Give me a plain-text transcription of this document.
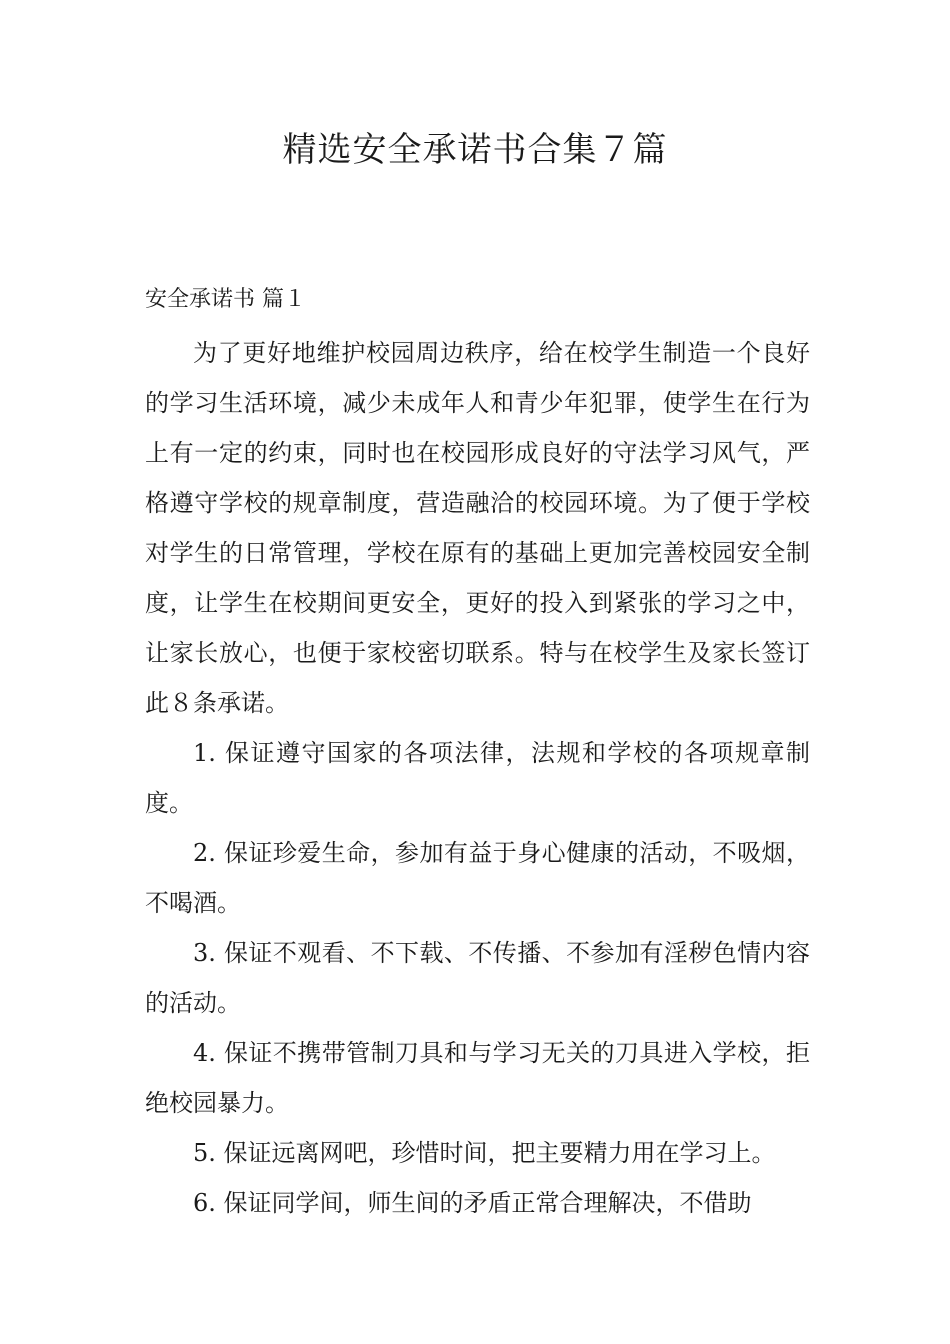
精选安全承诺书合集７篇

安全承诺书 篇１

为了更好地维护校园周边秩序，给在校学生制造一个良好的学习生活环境，减少未成年人和青少年犯罪，使学生在行为上有一定的约束，同时也在校园形成良好的守法学习风气，严格遵守学校的规章制度，营造融洽的校园环境。为了便于学校对学生的日常管理，学校在原有的基础上更加完善校园安全制度，让学生在校期间更安全，更好的投入到紧张的学习之中，让家长放心，也便于家校密切联系。特与在校学生及家长签订此８条承诺。

1. 保证遵守国家的各项法律，法规和学校的各项规章制度。

2. 保证珍爱生命，参加有益于身心健康的活动，不吸烟，不喝酒。

3. 保证不观看、不下载、不传播、不参加有淫秽色情内容的活动。

4. 保证不携带管制刀具和与学习无关的刀具进入学校，拒绝校园暴力。

5. 保证远离网吧，珍惜时间，把主要精力用在学习上。

6. 保证同学间，师生间的矛盾正常合理解决，不借助
